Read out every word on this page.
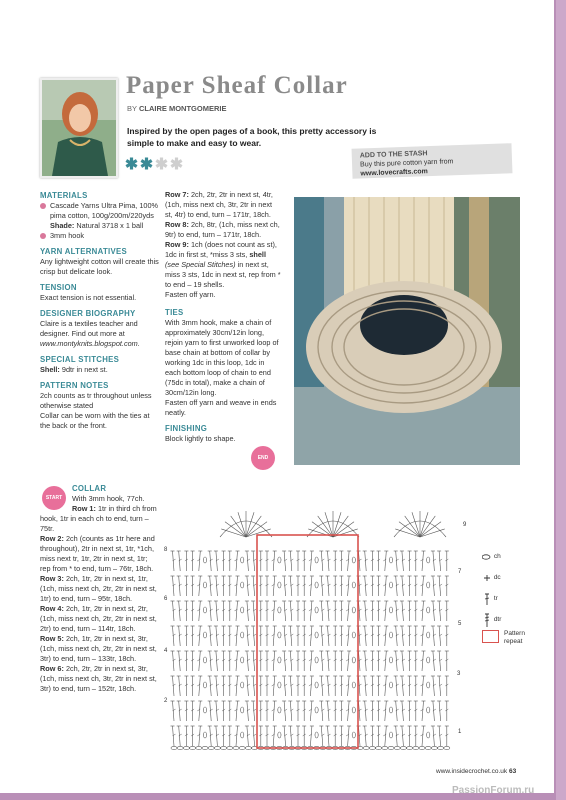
Paper Sheaf Collar
BY CLAIRE MONTGOMERIE
Inspired by the open pages of a book, this pretty accessory is simple to make and easy to wear.
ADD TO THE STASH
Buy this pure cotton yarn from
www.lovecrafts.com
MATERIALS
Cascade Yarns Ultra Pima, 100% pima cotton, 100g/200m/220yds
Shade: Natural 3718 x 1 ball
3mm hook
YARN ALTERNATIVES
Any lightweight cotton will create this crisp but delicate look.
TENSION
Exact tension is not essential.
DESIGNER BIOGRAPHY
Claire is a textiles teacher and designer. Find out more at www.montyknits.blogspot.com.
SPECIAL STITCHES
Shell: 9dtr in next st.
PATTERN NOTES
2ch counts as tr throughout unless otherwise stated
Collar can be worn with the ties at the back or the front.
START
COLLAR
With 3mm hook, 77ch.
Row 1: 1tr in third ch from hook, 1tr in each ch to end, turn – 75tr.
Row 2: 2ch (counts as 1tr here and throughout), 2tr in next st, 1tr, *1ch, miss next tr, 1tr, 2tr in next st, 1tr; rep from * to end, turn – 76tr, 18ch.
Row 3: 2ch, 1tr, 2tr in next st, 1tr, (1ch, miss next ch, 2tr, 2tr in next st, 1tr) to end, turn – 95tr, 18ch.
Row 4: 2ch, 1tr, 2tr in next st, 2tr, (1ch, miss next ch, 2tr, 2tr in next st, 2tr) to end, turn – 114tr, 18ch.
Row 5: 2ch, 1tr, 2tr in next st, 3tr, (1ch, miss next ch, 2tr, 2tr in next st, 3tr) to end, turn – 133tr, 18ch.
Row 6: 2ch, 2tr, 2tr in next st, 3tr, (1ch, miss next ch, 3tr, 2tr in next st, 3tr) to end, turn – 152tr, 18ch.
Row 7: 2ch, 2tr, 2tr in next st, 4tr, (1ch, miss next ch, 3tr, 2tr in next st, 4tr) to end, turn – 171tr, 18ch.
Row 8: 2ch, 8tr, (1ch, miss next ch, 9tr) to end, turn – 171tr, 18ch.
Row 9: 1ch (does not count as st), 1dc in first st, *miss 3 sts, shell (see Special Stitches) in next st, miss 3 sts, 1dc in next st, rep from * to end – 19 shells.
Fasten off yarn.
TIES
With 3mm hook, make a chain of approximately 30cm/12in long, rejoin yarn to first unworked loop of base chain at bottom of collar by working 1dc in this loop, 1dc in each bottom loop of chain to end (75dc in total), make a chain of 30cm/12in long.
Fasten off yarn and weave in ends neatly.
FINISHING
Block lightly to shape.
END
8
6
4
2
9
7
5
3
1

ch

dc

tr

dtr
Pattern repeat
www.insidecrochet.co.uk 63
PassionForum.ru
